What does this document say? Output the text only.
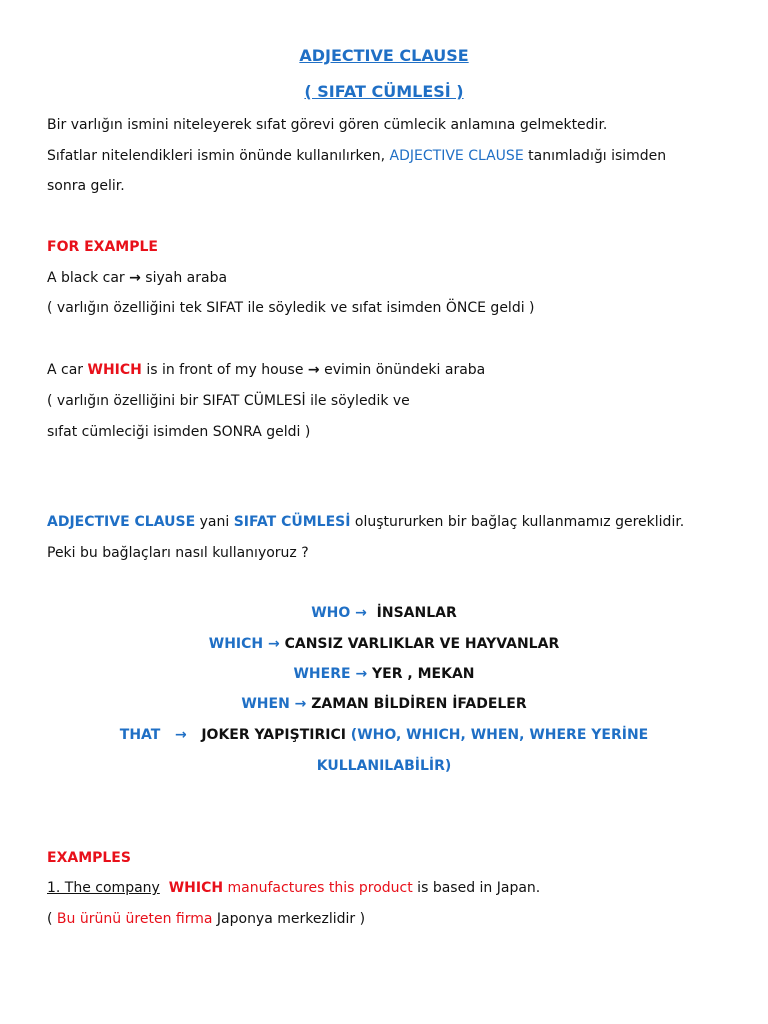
ADJECTIVE CLAUSE
( SIFAT CÜMLESİ )
Bir varlığın ismini niteleyerek sıfat görevi gören cümlecik anlamına gelmektedir.
Sıfatlar nitelendikleri ismin önünde kullanılırken, ADJECTIVE CLAUSE tanımladığı isimden
sonra gelir.
FOR EXAMPLE
A black car → siyah araba
( varlığın özelliğini tek SIFAT ile söyledik ve sıfat isimden ÖNCE geldi )
A car WHICH is in front of my house → evimin önündeki araba
( varlığın özelliğini bir SIFAT CÜMLESİ ile söyledik ve
sıfat cümleciği isimden SONRA geldi )
ADJECTIVE CLAUSE yani SIFAT CÜMLESİ oluştururken bir bağlaç kullanmamız gereklidir.
Peki bu bağlaçları nasıl kullanıyoruz ?
WHO → İNSANLAR
WHICH → CANSIZ VARLIKLAR VE HAYVANLAR
WHERE → YER , MEKAN
WHEN → ZAMAN BİLDİREN İFADELER
THAT → JOKER YAPIŞTIRICI (WHO, WHICH, WHEN, WHERE YERİNE
KULLANILABİLİR)
EXAMPLES
1. The company WHICH manufactures this product is based in Japan.
( Bu ürünü üreten firma Japonya merkezlidir )
